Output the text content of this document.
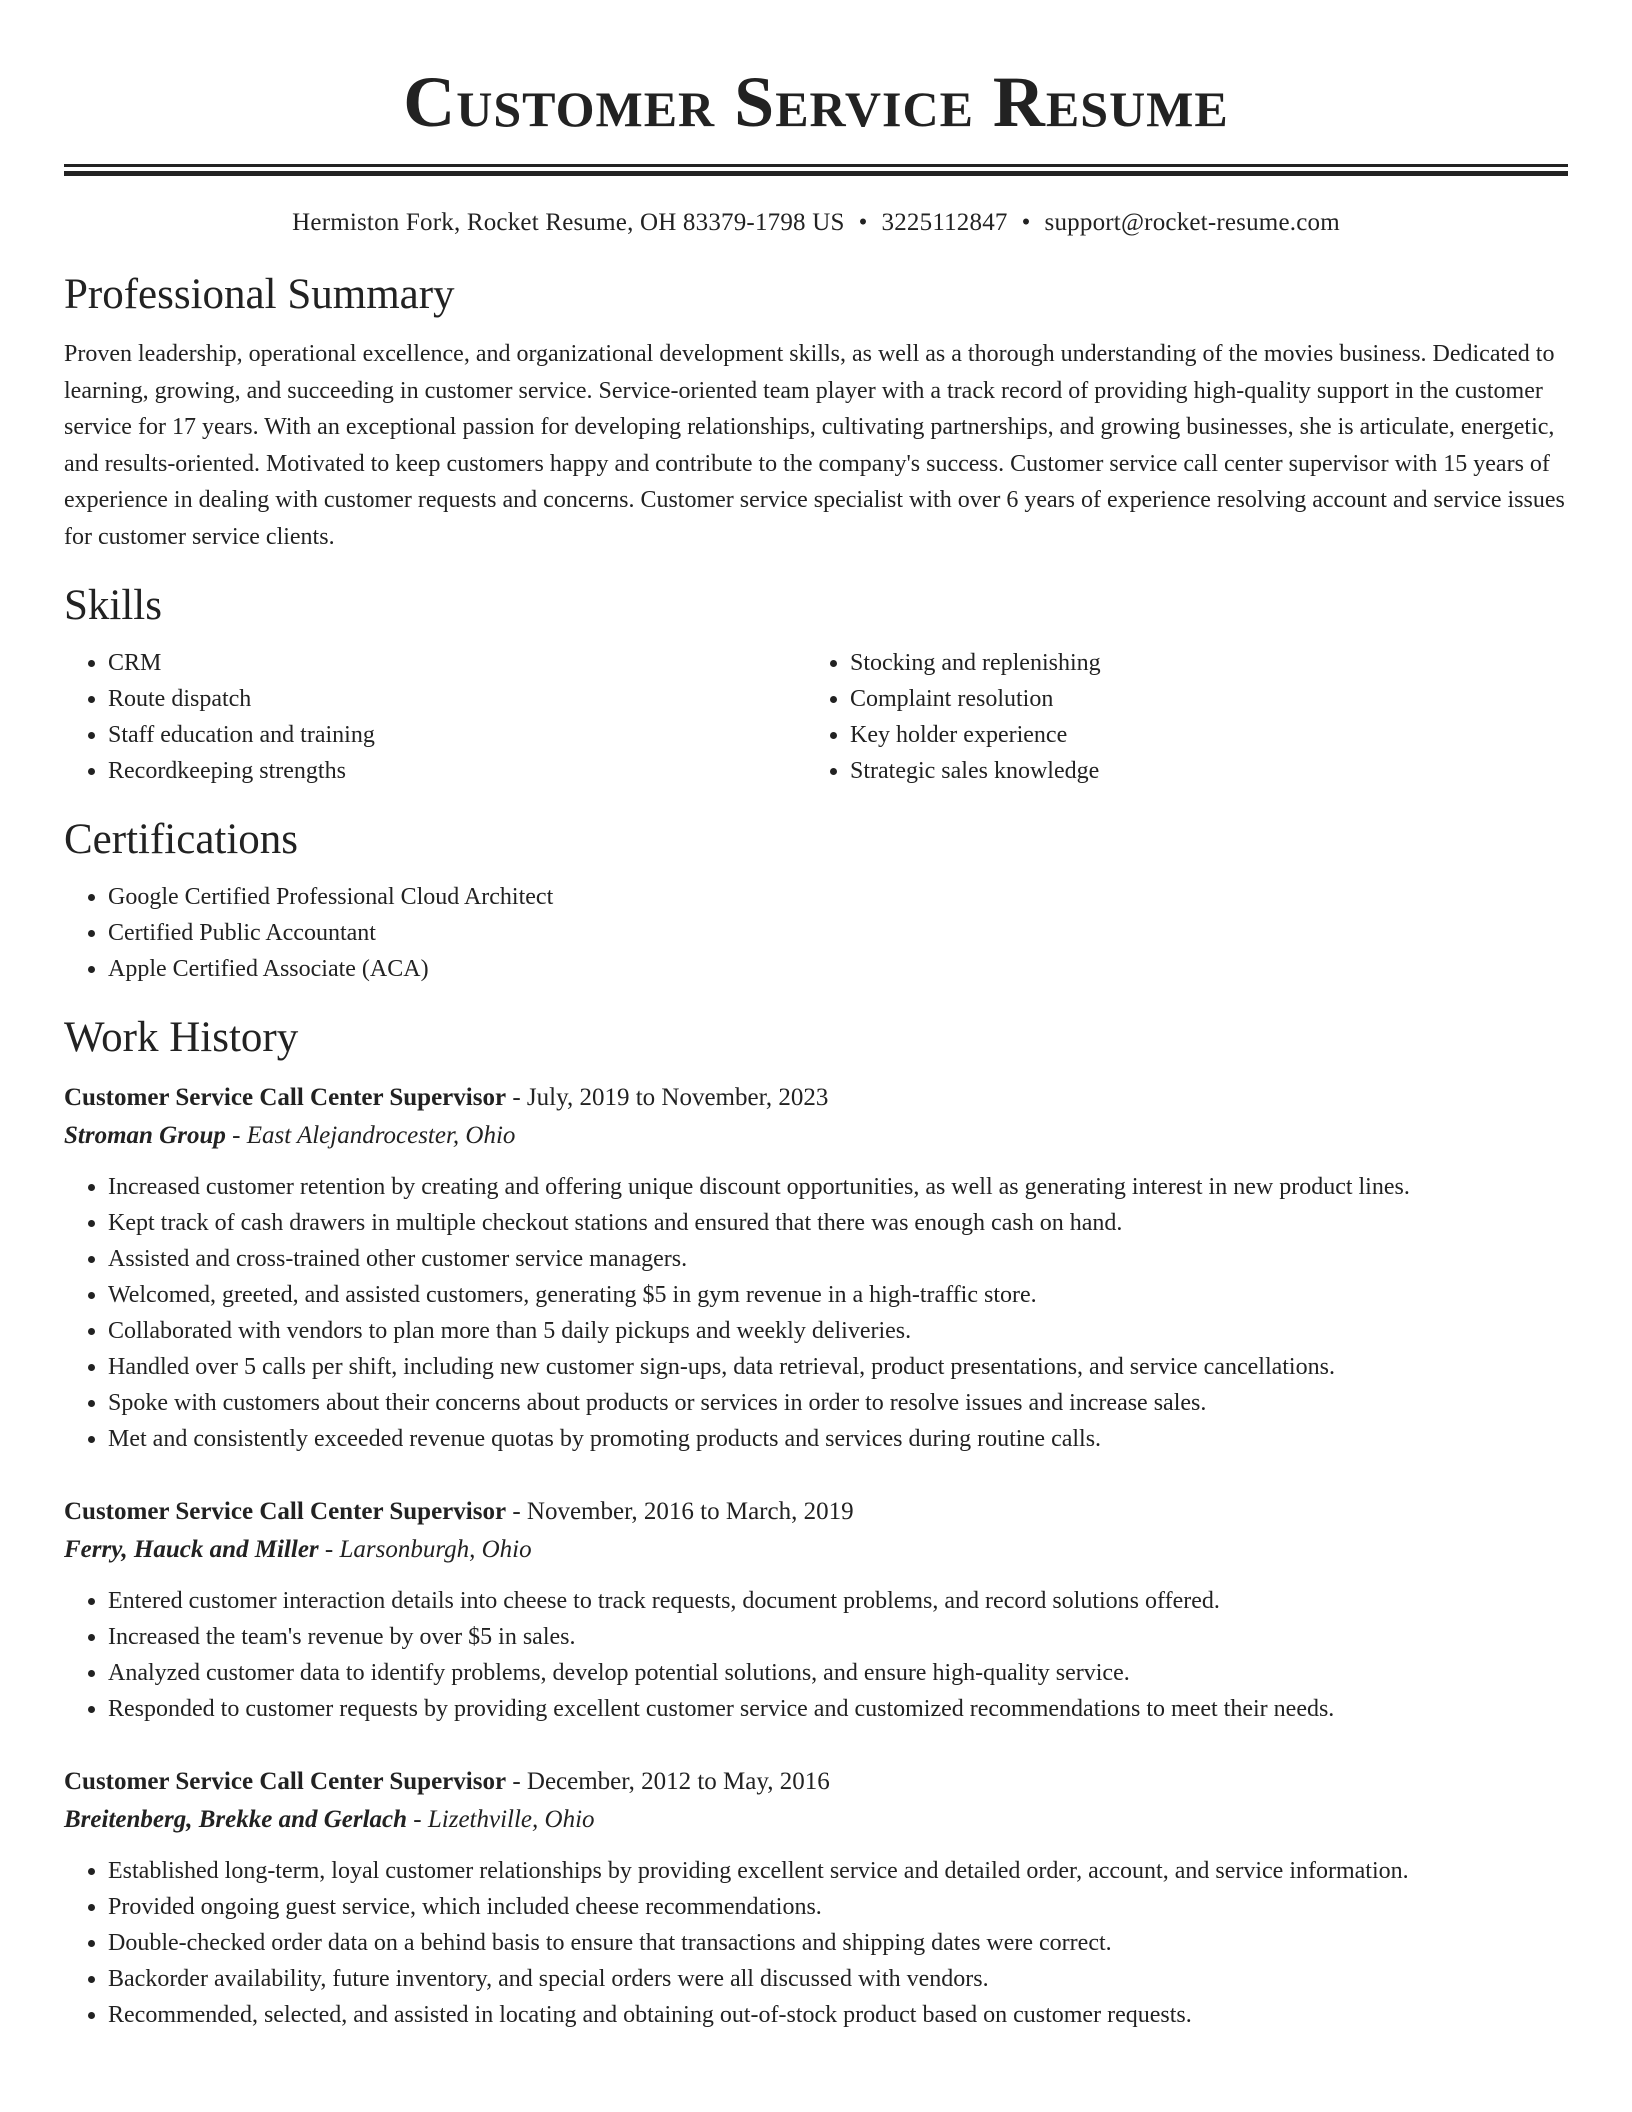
Customer Service Resume
Hermiston Fork, Rocket Resume, OH 83379-1798 US • 3225112847 • support@rocket-resume.com
Professional Summary

Proven leadership, operational excellence, and organizational development skills, as well as a thorough understanding of the movies business. Dedicated to learning, growing, and succeeding in customer service. Service-oriented team player with a track record of providing high-quality support in the customer service for 17 years. With an exceptional passion for developing relationships, cultivating partnerships, and growing businesses, she is articulate, energetic, and results-oriented. Motivated to keep customers happy and contribute to the company's success. Customer service call center supervisor with 15 years of experience in dealing with customer requests and concerns. Customer service specialist with over 6 years of experience resolving account and service issues for customer service clients.

Skills
• CRM
• Route dispatch
• Staff education and training
• Recordkeeping strengths
• Stocking and replenishing
• Complaint resolution
• Key holder experience
• Strategic sales knowledge
Certifications
• Google Certified Professional Cloud Architect
• Certified Public Accountant
• Apple Certified Associate (ACA)
Work History
Customer Service Call Center Supervisor - July, 2019 to November, 2023
Stroman Group - East Alejandrocester, Ohio
• Increased customer retention by creating and offering unique discount opportunities, as well as generating interest in new product lines.
• Kept track of cash drawers in multiple checkout stations and ensured that there was enough cash on hand.
• Assisted and cross-trained other customer service managers.
• Welcomed, greeted, and assisted customers, generating $5 in gym revenue in a high-traffic store.
• Collaborated with vendors to plan more than 5 daily pickups and weekly deliveries.
• Handled over 5 calls per shift, including new customer sign-ups, data retrieval, product presentations, and service cancellations.
• Spoke with customers about their concerns about products or services in order to resolve issues and increase sales.
• Met and consistently exceeded revenue quotas by promoting products and services during routine calls.
Customer Service Call Center Supervisor - November, 2016 to March, 2019
Ferry, Hauck and Miller - Larsonburgh, Ohio
• Entered customer interaction details into cheese to track requests, document problems, and record solutions offered.
• Increased the team's revenue by over $5 in sales.
• Analyzed customer data to identify problems, develop potential solutions, and ensure high-quality service.
• Responded to customer requests by providing excellent customer service and customized recommendations to meet their needs.
Customer Service Call Center Supervisor - December, 2012 to May, 2016
Breitenberg, Brekke and Gerlach - Lizethville, Ohio
• Established long-term, loyal customer relationships by providing excellent service and detailed order, account, and service information.
• Provided ongoing guest service, which included cheese recommendations.
• Double-checked order data on a behind basis to ensure that transactions and shipping dates were correct.
• Backorder availability, future inventory, and special orders were all discussed with vendors.
• Recommended, selected, and assisted in locating and obtaining out-of-stock product based on customer requests.
